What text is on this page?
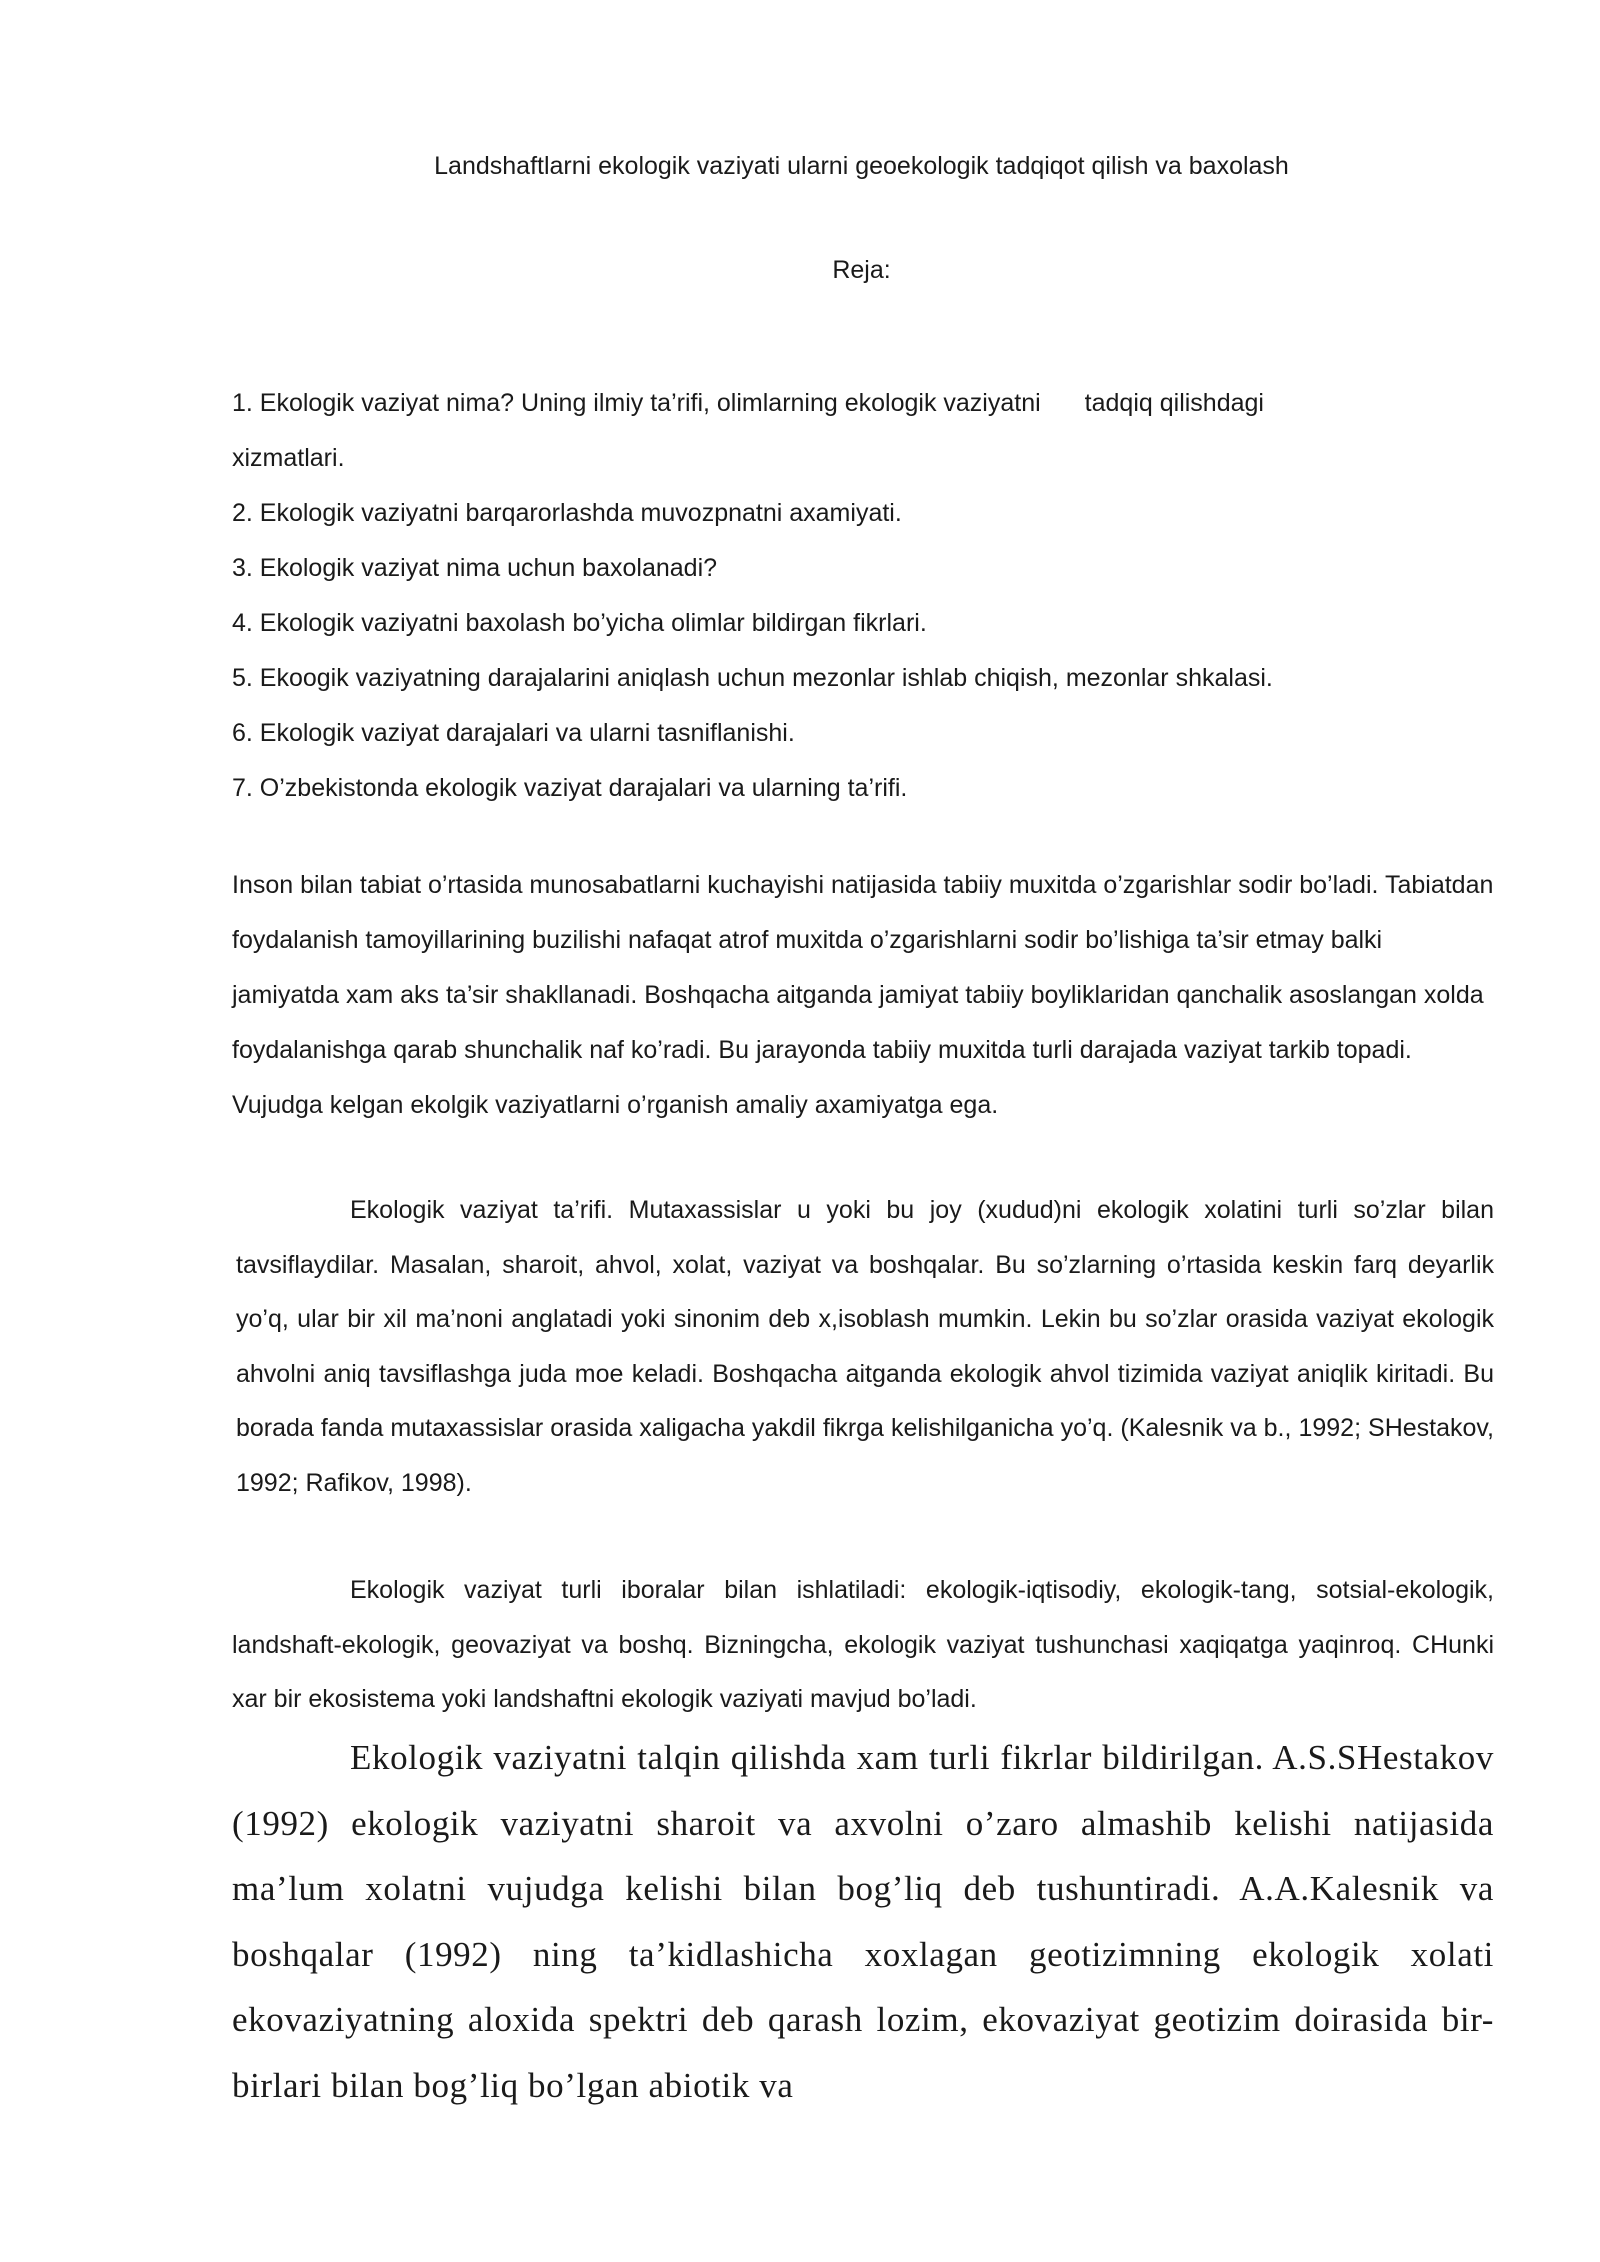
Landshaftlarni ekologik vaziyati ularni geoekologik tadqiqot qilish va baxolash

Reja:

1. Ekologik vaziyat nima? Uning ilmiy ta’rifi, olimlarning ekologik vaziyatni tadqiq qilishdagi
xizmatlari.
2. Ekologik vaziyatni barqarorlashda muvozpnatni axamiyati.
3. Ekologik vaziyat nima uchun baxolanadi?
4. Ekologik vaziyatni baxolash bo’yicha olimlar bildirgan fikrlari.
5. Ekoogik vaziyatning darajalarini aniqlash uchun mezonlar ishlab chiqish, mezonlar shkalasi.
6. Ekologik vaziyat darajalari va ularni tasniflanishi.
7. O’zbekistonda ekologik vaziyat darajalari va ularning ta’rifi.

Inson bilan tabiat o’rtasida munosabatlarni kuchayishi natijasida tabiiy muxitda o’zgarishlar sodir bo’ladi. Tabiatdan foydalanish tamoyillarining buzilishi nafaqat atrof muxitda o’zgarishlarni sodir bo’lishiga ta’sir etmay balki jamiyatda xam aks ta’sir shakllanadi. Boshqacha aitganda jamiyat tabiiy boyliklaridan qanchalik asoslangan xolda foydalanishga qarab shunchalik naf ko’radi. Bu jarayonda tabiiy muxitda turli darajada vaziyat tarkib topadi. Vujudga kelgan ekolgik vaziyatlarni o’rganish amaliy axamiyatga ega.

Ekologik vaziyat ta’rifi. Mutaxassislar u yoki bu joy (xudud)ni ekologik xolatini turli so’zlar bilan tavsiflaydilar. Masalan, sharoit, ahvol, xolat, vaziyat va boshqalar. Bu so’zlarning o’rtasida keskin farq deyarlik yo’q, ular bir xil ma’noni anglatadi yoki sinonim deb x,isoblash mumkin. Lekin bu so’zlar orasida vaziyat ekologik ahvolni aniq tavsiflashga juda moe keladi. Boshqacha aitganda ekologik ahvol tizimida vaziyat aniqlik kiritadi. Bu borada fanda mutaxassislar orasida xaligacha yakdil fikrga kelishilganicha yo’q. (Kalesnik va b., 1992; SHestakov, 1992; Rafikov, 1998).

Ekologik vaziyat turli iboralar bilan ishlatiladi: ekologik-iqtisodiy, ekologik-tang, sotsial-ekologik, landshaft-ekologik, geovaziyat va boshq. Bizningcha, ekologik vaziyat tushunchasi xaqiqatga yaqinroq. CHunki xar bir ekosistema yoki landshaftni ekologik vaziyati mavjud bo’ladi.

Ekologik vaziyatni talqin qilishda xam turli fikrlar bildirilgan. A.S.SHestakov (1992) ekologik vaziyatni sharoit va axvolni o’zaro almashib kelishi natijasida ma’lum xolatni vujudga kelishi bilan bog’liq deb tushuntiradi. A.A.Kalesnik va boshqalar (1992) ning ta’kidlashicha xoxlagan geotizimning ekologik xolati ekovaziyatning aloxida spektri deb qarash lozim, ekovaziyat geotizim doirasida bir-birlari bilan bog’liq bo’lgan abiotik va
